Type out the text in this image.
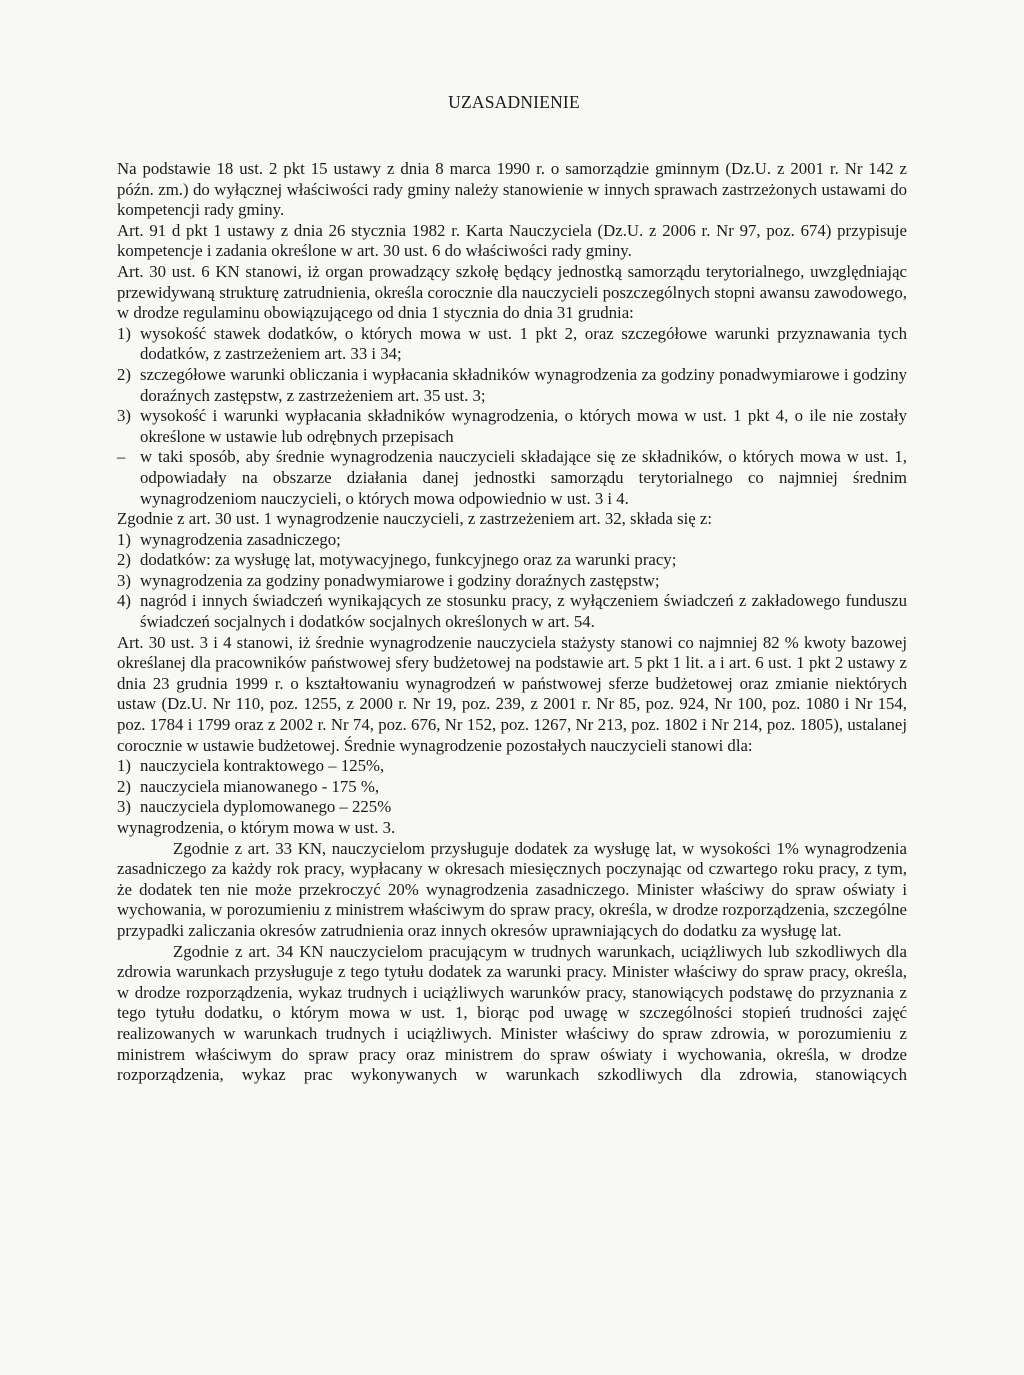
UZASADNIENIE

Na podstawie 18 ust. 2 pkt 15 ustawy z dnia 8 marca 1990 r. o samorządzie gminnym (Dz.U. z 2001 r. Nr 142 z późn. zm.) do wyłącznej właściwości rady gminy należy stanowienie w innych sprawach zastrzeżonych ustawami do kompetencji rady gminy.

Art. 91 d pkt 1 ustawy z dnia 26 stycznia 1982 r. Karta Nauczyciela (Dz.U. z 2006 r. Nr 97, poz. 674) przypisuje kompetencje i zadania określone w art. 30 ust. 6 do właściwości rady gminy.

Art. 30 ust. 6 KN stanowi, iż organ prowadzący szkołę będący jednostką samorządu terytorialnego, uwzględniając przewidywaną strukturę zatrudnienia, określa corocznie dla nauczycieli poszczególnych stopni awansu zawodowego, w drodze regulaminu obowiązującego od dnia 1 stycznia do dnia 31 grudnia:

1) wysokość stawek dodatków, o których mowa w ust. 1 pkt 2, oraz szczegółowe warunki przyznawania tych dodatków, z zastrzeżeniem art. 33 i 34;
2) szczegółowe warunki obliczania i wypłacania składników wynagrodzenia za godziny ponadwymiarowe i godziny doraźnych zastępstw, z zastrzeżeniem art. 35 ust. 3;
3) wysokość i warunki wypłacania składników wynagrodzenia, o których mowa w ust. 1 pkt 4, o ile nie zostały określone w ustawie lub odrębnych przepisach
– w taki sposób, aby średnie wynagrodzenia nauczycieli składające się ze składników, o których mowa w ust. 1, odpowiadały na obszarze działania danej jednostki samorządu terytorialnego co najmniej średnim wynagrodzeniom nauczycieli, o których mowa odpowiednio w ust. 3 i 4.

Zgodnie z art. 30 ust. 1 wynagrodzenie nauczycieli, z zastrzeżeniem art. 32, składa się z:

1) wynagrodzenia zasadniczego;
2) dodatków: za wysługę lat, motywacyjnego, funkcyjnego oraz za warunki pracy;
3) wynagrodzenia za godziny ponadwymiarowe i godziny doraźnych zastępstw;
4) nagród i innych świadczeń wynikających ze stosunku pracy, z wyłączeniem świadczeń z zakładowego funduszu świadczeń socjalnych i dodatków socjalnych określonych w art. 54.

Art. 30 ust. 3 i 4 stanowi, iż średnie wynagrodzenie nauczyciela stażysty stanowi co najmniej 82 % kwoty bazowej określanej dla pracowników państwowej sfery budżetowej na podstawie art. 5 pkt 1 lit. a i art. 6 ust. 1 pkt 2 ustawy z dnia 23 grudnia 1999 r. o kształtowaniu wynagrodzeń w państwowej sferze budżetowej oraz zmianie niektórych ustaw (Dz.U. Nr 110, poz. 1255, z 2000 r. Nr 19, poz. 239, z 2001 r. Nr 85, poz. 924, Nr 100, poz. 1080 i Nr 154, poz. 1784 i 1799 oraz z 2002 r. Nr 74, poz. 676, Nr 152, poz. 1267, Nr 213, poz. 1802 i Nr 214, poz. 1805), ustalanej corocznie w ustawie budżetowej. Średnie wynagrodzenie pozostałych nauczycieli stanowi dla:

1) nauczyciela kontraktowego – 125%,
2) nauczyciela mianowanego - 175 %,
3) nauczyciela dyplomowanego – 225%

wynagrodzenia, o którym mowa w ust. 3.

Zgodnie z art. 33 KN, nauczycielom przysługuje dodatek za wysługę lat, w wysokości 1% wynagrodzenia zasadniczego za każdy rok pracy, wypłacany w okresach miesięcznych poczynając od czwartego roku pracy, z tym, że dodatek ten nie może przekroczyć 20% wynagrodzenia zasadniczego. Minister właściwy do spraw oświaty i wychowania, w porozumieniu z ministrem właściwym do spraw pracy, określa, w drodze rozporządzenia, szczególne przypadki zaliczania okresów zatrudnienia oraz innych okresów uprawniających do dodatku za wysługę lat.

Zgodnie z art. 34 KN nauczycielom pracującym w trudnych warunkach, uciążliwych lub szkodliwych dla zdrowia warunkach przysługuje z tego tytułu dodatek za warunki pracy. Minister właściwy do spraw pracy, określa, w drodze rozporządzenia, wykaz trudnych i uciążliwych warunków pracy, stanowiących podstawę do przyznania z tego tytułu dodatku, o którym mowa w ust. 1, biorąc pod uwagę w szczególności stopień trudności zajęć realizowanych w warunkach trudnych i uciążliwych. Minister właściwy do spraw zdrowia, w porozumieniu z ministrem właściwym do spraw pracy oraz ministrem do spraw oświaty i wychowania, określa, w drodze rozporządzenia, wykaz prac wykonywanych w warunkach szkodliwych dla zdrowia, stanowiących
